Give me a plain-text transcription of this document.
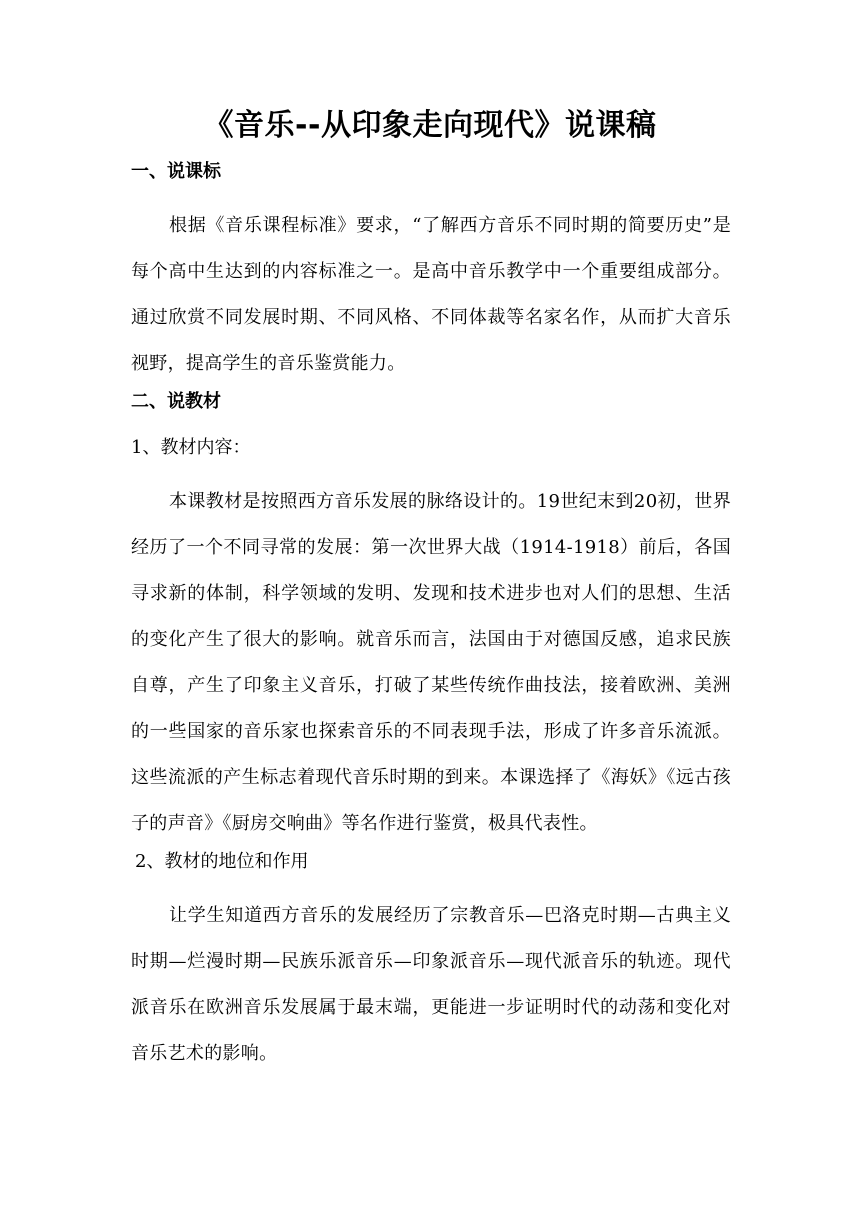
《音乐--从印象走向现代》说课稿
一、说课标

根据《音乐课程标准》要求，“了解西方音乐不同时期的简要历史”是每个高中生达到的内容标准之一。是高中音乐教学中一个重要组成部分。通过欣赏不同发展时期、不同风格、不同体裁等名家名作，从而扩大音乐视野，提高学生的音乐鉴赏能力。

二、说教材
1、教材内容：

本课教材是按照西方音乐发展的脉络设计的。19世纪末到20初，世界经历了一个不同寻常的发展：第一次世界大战（1914-1918）前后，各国寻求新的体制，科学领域的发明、发现和技术进步也对人们的思想、生活的变化产生了很大的影响。就音乐而言，法国由于对德国反感，追求民族自尊，产生了印象主义音乐，打破了某些传统作曲技法，接着欧洲、美洲的一些国家的音乐家也探索音乐的不同表现手法，形成了许多音乐流派。这些流派的产生标志着现代音乐时期的到来。本课选择了《海妖》《远古孩子的声音》《厨房交响曲》等名作进行鉴赏，极具代表性。

2、教材的地位和作用

让学生知道西方音乐的发展经历了宗教音乐—巴洛克时期—古典主义时期—烂漫时期—民族乐派音乐—印象派音乐—现代派音乐的轨迹。现代派音乐在欧洲音乐发展属于最末端，更能进一步证明时代的动荡和变化对音乐艺术的影响。
